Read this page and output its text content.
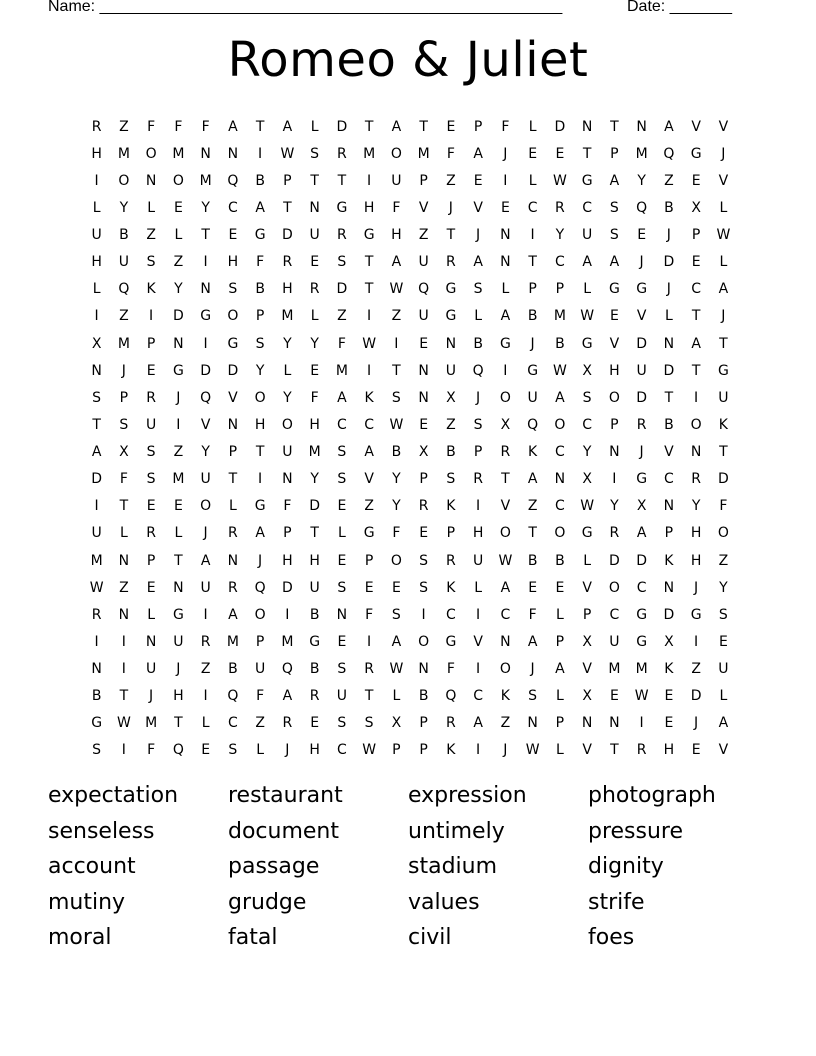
Name: ____________________________________________________	Date: _______
Romeo & Juliet
R	Z	F	F	F	A	T	A	L	D	T	A	T	E	P	F	L	D	N	T	N	A	V	V
H	M	O	M	N	N	I	W	S	R	M	O	M	F	A	J	E	E	T	P	M	Q	G	J
I	O	N	O	M	Q	B	P	T	T	I	U	P	Z	E	I	L	W	G	A	Y	Z	E	V
L	Y	L	E	Y	C	A	T	N	G	H	F	V	J	V	E	C	R	C	S	Q	B	X	L
U	B	Z	L	T	E	G	D	U	R	G	H	Z	T	J	N	I	Y	U	S	E	J	P	W
H	U	S	Z	I	H	F	R	E	S	T	A	U	R	A	N	T	C	A	A	J	D	E	L
L	Q	K	Y	N	S	B	H	R	D	T	W	Q	G	S	L	P	P	L	G	G	J	C	A
I	Z	I	D	G	O	P	M	L	Z	I	Z	U	G	L	A	B	M	W	E	V	L	T	J
X	M	P	N	I	G	S	Y	Y	F	W	I	E	N	B	G	J	B	G	V	D	N	A	T
N	J	E	G	D	D	Y	L	E	M	I	T	N	U	Q	I	G	W	X	H	U	D	T	G
S	P	R	J	Q	V	O	Y	F	A	K	S	N	X	J	O	U	A	S	O	D	T	I	U
T	S	U	I	V	N	H	O	H	C	C	W	E	Z	S	X	Q	O	C	P	R	B	O	K
A	X	S	Z	Y	P	T	U	M	S	A	B	X	B	P	R	K	C	Y	N	J	V	N	T
D	F	S	M	U	T	I	N	Y	S	V	Y	P	S	R	T	A	N	X	I	G	C	R	D
I	T	E	E	O	L	G	F	D	E	Z	Y	R	K	I	V	Z	C	W	Y	X	N	Y	F
U	L	R	L	J	R	A	P	T	L	G	F	E	P	H	O	T	O	G	R	A	P	H	O
M	N	P	T	A	N	J	H	H	E	P	O	S	R	U	W	B	B	L	D	D	K	H	Z
W	Z	E	N	U	R	Q	D	U	S	E	E	S	K	L	A	E	E	V	O	C	N	J	Y
R	N	L	G	I	A	O	I	B	N	F	S	I	C	I	C	F	L	P	C	G	D	G	S
I	I	N	U	R	M	P	M	G	E	I	A	O	G	V	N	A	P	X	U	G	X	I	E
N	I	U	J	Z	B	U	Q	B	S	R	W	N	F	I	O	J	A	V	M	M	K	Z	U
B	T	J	H	I	Q	F	A	R	U	T	L	B	Q	C	K	S	L	X	E	W	E	D	L
G	W	M	T	L	C	Z	R	E	S	S	X	P	R	A	Z	N	P	N	N	I	E	J	A
S	I	F	Q	E	S	L	J	H	C	W	P	P	K	I	J	W	L	V	T	R	H	E	V
expectation	restaurant	expression	photograph
senseless	document	untimely	pressure
account	passage	stadium	dignity
mutiny	grudge	values	strife
moral	fatal	civil	foes
